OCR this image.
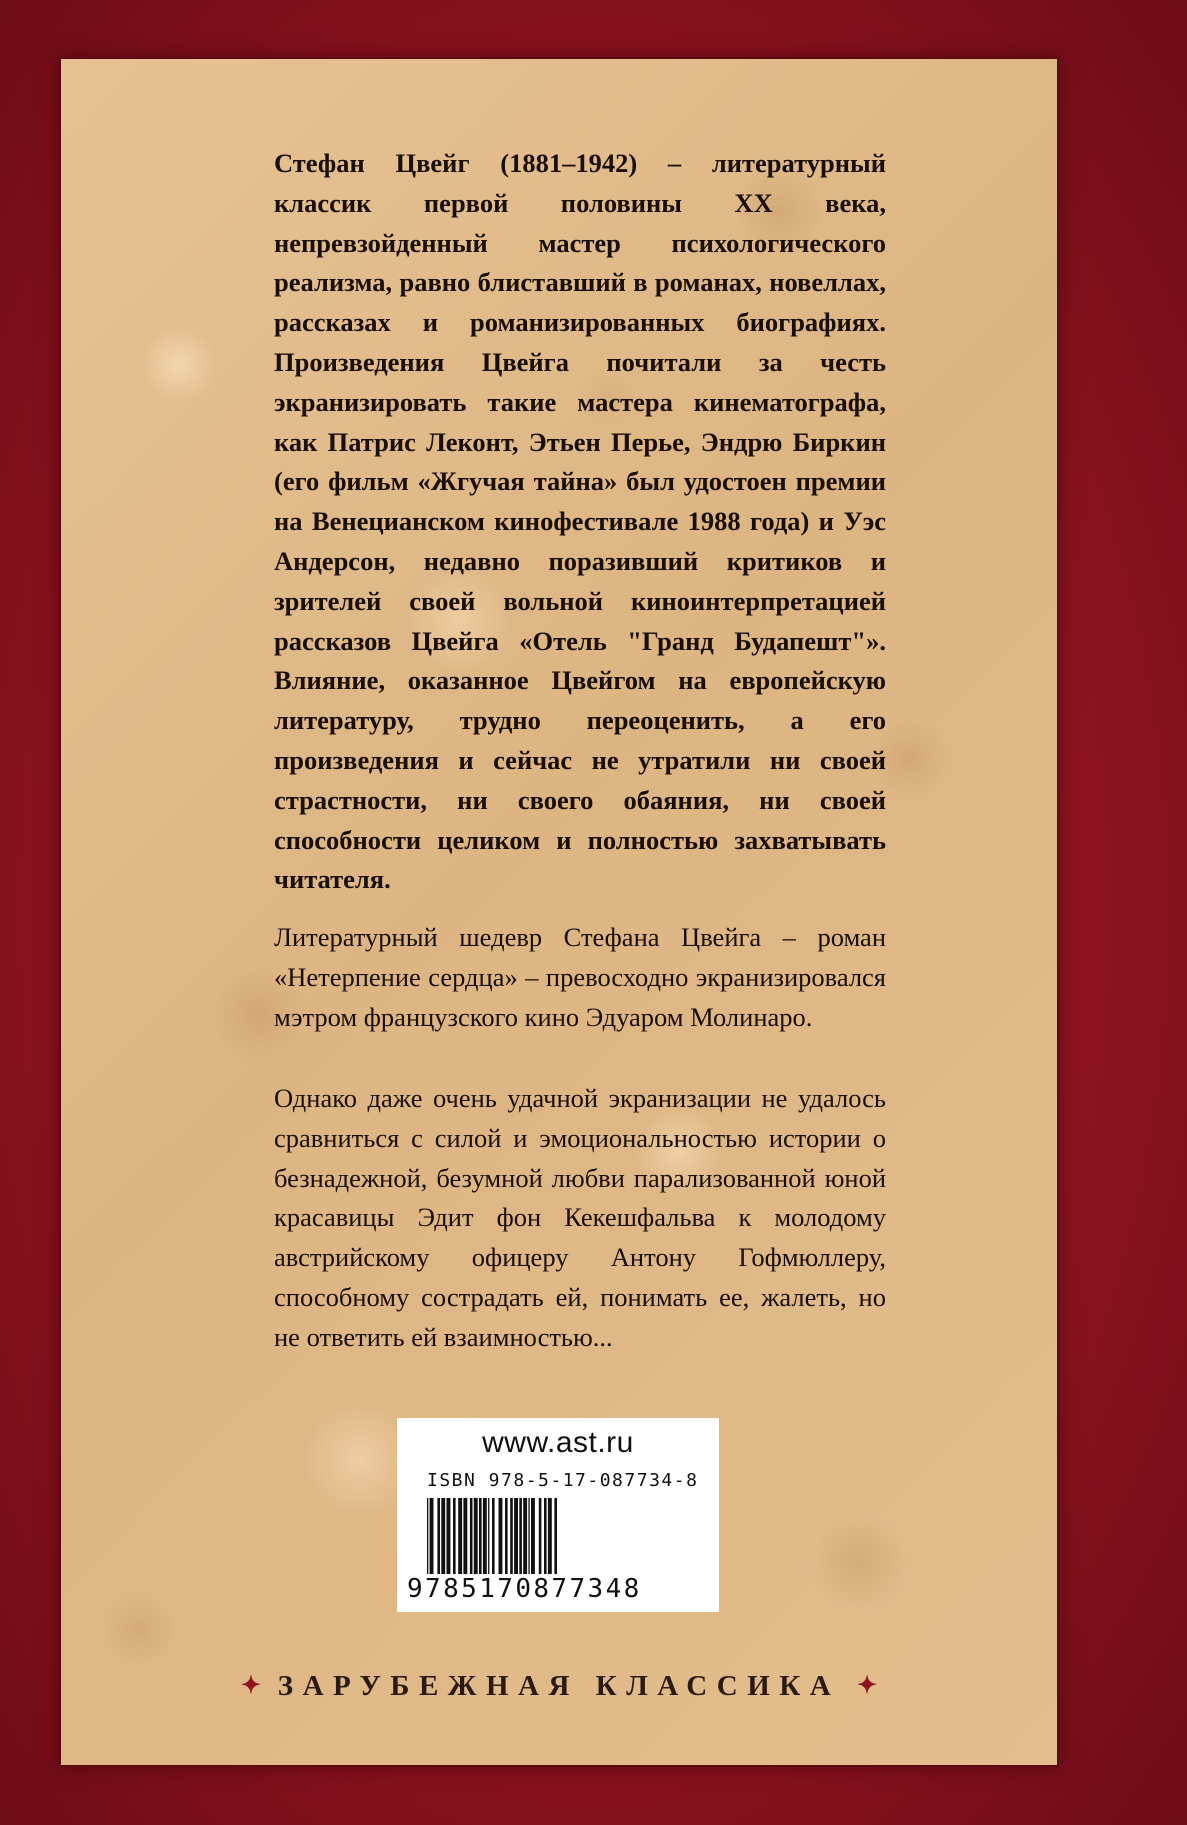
Стефан Цвейг (1881–1942) – литературный классик первой половины XX века, непревзойденный мастер психологического реализма, равно блиставший в романах, новеллах, рассказах и романизированных биографиях. Произведения Цвейга почитали за честь экранизировать такие мастера кинематографа, как Патрис Леконт, Этьен Перье, Эндрю Биркин (его фильм «Жгучая тайна» был удостоен премии на Венецианском кинофестивале 1988 года) и Уэс Андерсон, недавно поразивший критиков и зрителей своей вольной киноинтерпретацией рассказов Цвейга «Отель "Гранд Будапешт"». Влияние, оказанное Цвейгом на европейскую литературу, трудно переоценить, а его произведения и сейчас не утратили ни своей страстности, ни своего обаяния, ни своей способности целиком и полностью захватывать читателя.

Литературный шедевр Стефана Цвейга – роман «Нетерпение сердца» – превосходно экранизировался мэтром французского кино Эдуаром Молинаро.

Однако даже очень удачной экранизации не удалось сравниться с силой и эмоциональностью истории о безнадежной, безумной любви парализованной юной красавицы Эдит фон Кекешфальва к молодому австрийскому офицеру Антону Гофмюллеру, способному сострадать ей, понимать ее, жалеть, но не ответить ей взаимностью...

www.ast.ru
ISBN 978-5-17-087734-8
9785170877348
✦ ЗАРУБЕЖНАЯ КЛАССИКА ✦
